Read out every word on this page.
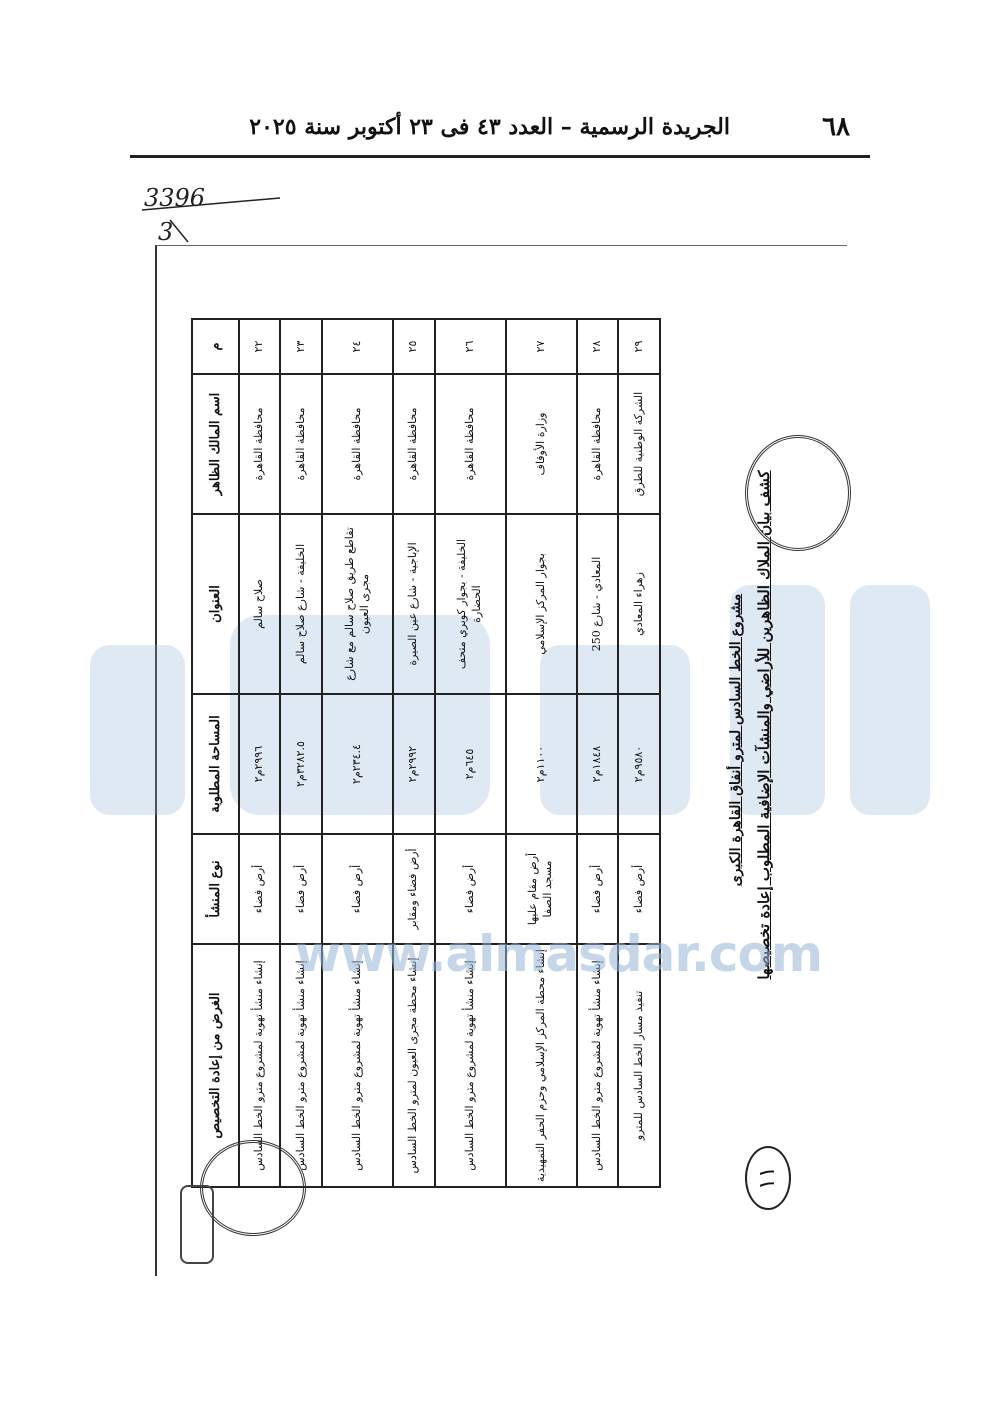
الجريدة الرسمية – العدد ٤٣ فى ٢٣ أكتوبر سنة ٢٠٢٥	٦٨
3396
3
١١
كشف بيان الملاك الظاهرين للأراضي والمنشآت الإضافية المطلوب إعادة تخصيصها
مشروع الخط السادس لمترو أنفاق القاهرة الكبرى
م	اسم المالك الظاهر	العنوان	المساحة المطلوبة	نوع المنشأ	الغرض من إعادة التخصيص
٢٢	محافظة القاهرة	صلاح سالم	٢٩٩٦م٢	أرض فضاء	إنشاء منشأ تهوية لمشروع مترو الخط السادس
٢٣	محافظة القاهرة	الخليفة - شارع صلاح سالم	٣٢٨٢.٥م٢	أرض فضاء	إنشاء منشأ تهوية لمشروع مترو الخط السادس
٢٤	محافظة القاهرة	تقاطع طريق صلاح سالم مع شارع مجرى العيون	٢٣٤.٤م٢	أرض فضاء	إنشاء منشأ تهوية لمشروع مترو الخط السادس
٢٥	محافظة القاهرة	الإباجية - شارع عين الصيرة	٢٩٩٢م٢	أرض فضاء ومقابر	إنشاء محطة مجرى العيون لمترو الخط السادس
٢٦	محافظة القاهرة	الخليفة - بجوار كوبري متحف الحضارة	٦٤٥م٢	أرض فضاء	إنشاء منشأ تهوية لمشروع مترو الخط السادس
٢٧	وزارة الأوقاف	بجوار المركز الإسلامي	١١٠٠م٢	أرض مقام عليها مسجد الصفا	إنشاء محطة المركز الإسلامي وحزم الحفر التمهيدية
٢٨	محافظة القاهرة	المعادي - شارع 250	١٨٤٨م٢	أرض فضاء	إنشاء منشأ تهوية لمشروع مترو الخط السادس
٢٩	الشركة الوطنية للطرق	زهراء المعادي	٩٥٨٠م٢	أرض فضاء	تنفيذ مسار الخط السادس للمترو
www.almasdar.com
